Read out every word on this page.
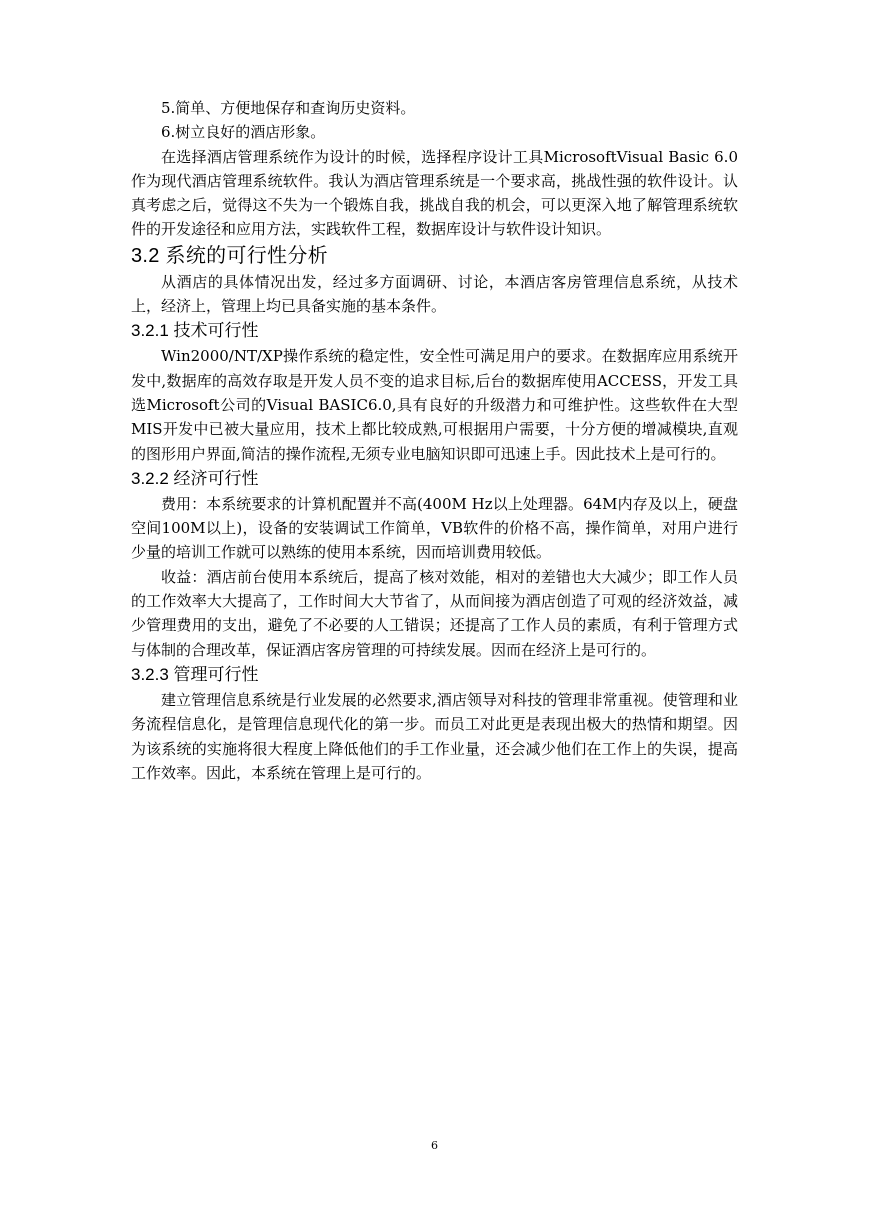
5.简单、方便地保存和查询历史资料。

6.树立良好的酒店形象。

在选择酒店管理系统作为设计的时候，选择程序设计工具MicrosoftVisual Basic 6.0作为现代酒店管理系统软件。我认为酒店管理系统是一个要求高，挑战性强的软件设计。认真考虑之后，觉得这不失为一个锻炼自我，挑战自我的机会，可以更深入地了解管理系统软件的开发途径和应用方法，实践软件工程，数据库设计与软件设计知识。

3.2 系统的可行性分析

从酒店的具体情况出发，经过多方面调研、讨论，本酒店客房管理信息系统，从技术上，经济上，管理上均已具备实施的基本条件。

3.2.1 技术可行性

Win2000/NT/XP操作系统的稳定性，安全性可满足用户的要求。在数据库应用系统开发中,数据库的高效存取是开发人员不变的追求目标,后台的数据库使用ACCESS，开发工具选Microsoft公司的Visual BASIC6.0,具有良好的升级潜力和可维护性。这些软件在大型MIS开发中已被大量应用，技术上都比较成熟,可根据用户需要，十分方便的增减模块,直观的图形用户界面,简洁的操作流程,无须专业电脑知识即可迅速上手。因此技术上是可行的。

3.2.2 经济可行性

费用：本系统要求的计算机配置并不高(400M Hz以上处理器。64M内存及以上，硬盘空间100M以上)，设备的安装调试工作简单，VB软件的价格不高，操作简单，对用户进行少量的培训工作就可以熟练的使用本系统，因而培训费用较低。

收益：酒店前台使用本系统后，提高了核对效能，相对的差错也大大减少；即工作人员的工作效率大大提高了，工作时间大大节省了，从而间接为酒店创造了可观的经济效益，减少管理费用的支出，避免了不必要的人工错误；还提高了工作人员的素质，有利于管理方式与体制的合理改革，保证酒店客房管理的可持续发展。因而在经济上是可行的。

3.2.3 管理可行性

建立管理信息系统是行业发展的必然要求,酒店领导对科技的管理非常重视。使管理和业务流程信息化，是管理信息现代化的第一步。而员工对此更是表现出极大的热情和期望。因为该系统的实施将很大程度上降低他们的手工作业量，还会减少他们在工作上的失误，提高工作效率。因此，本系统在管理上是可行的。

6
